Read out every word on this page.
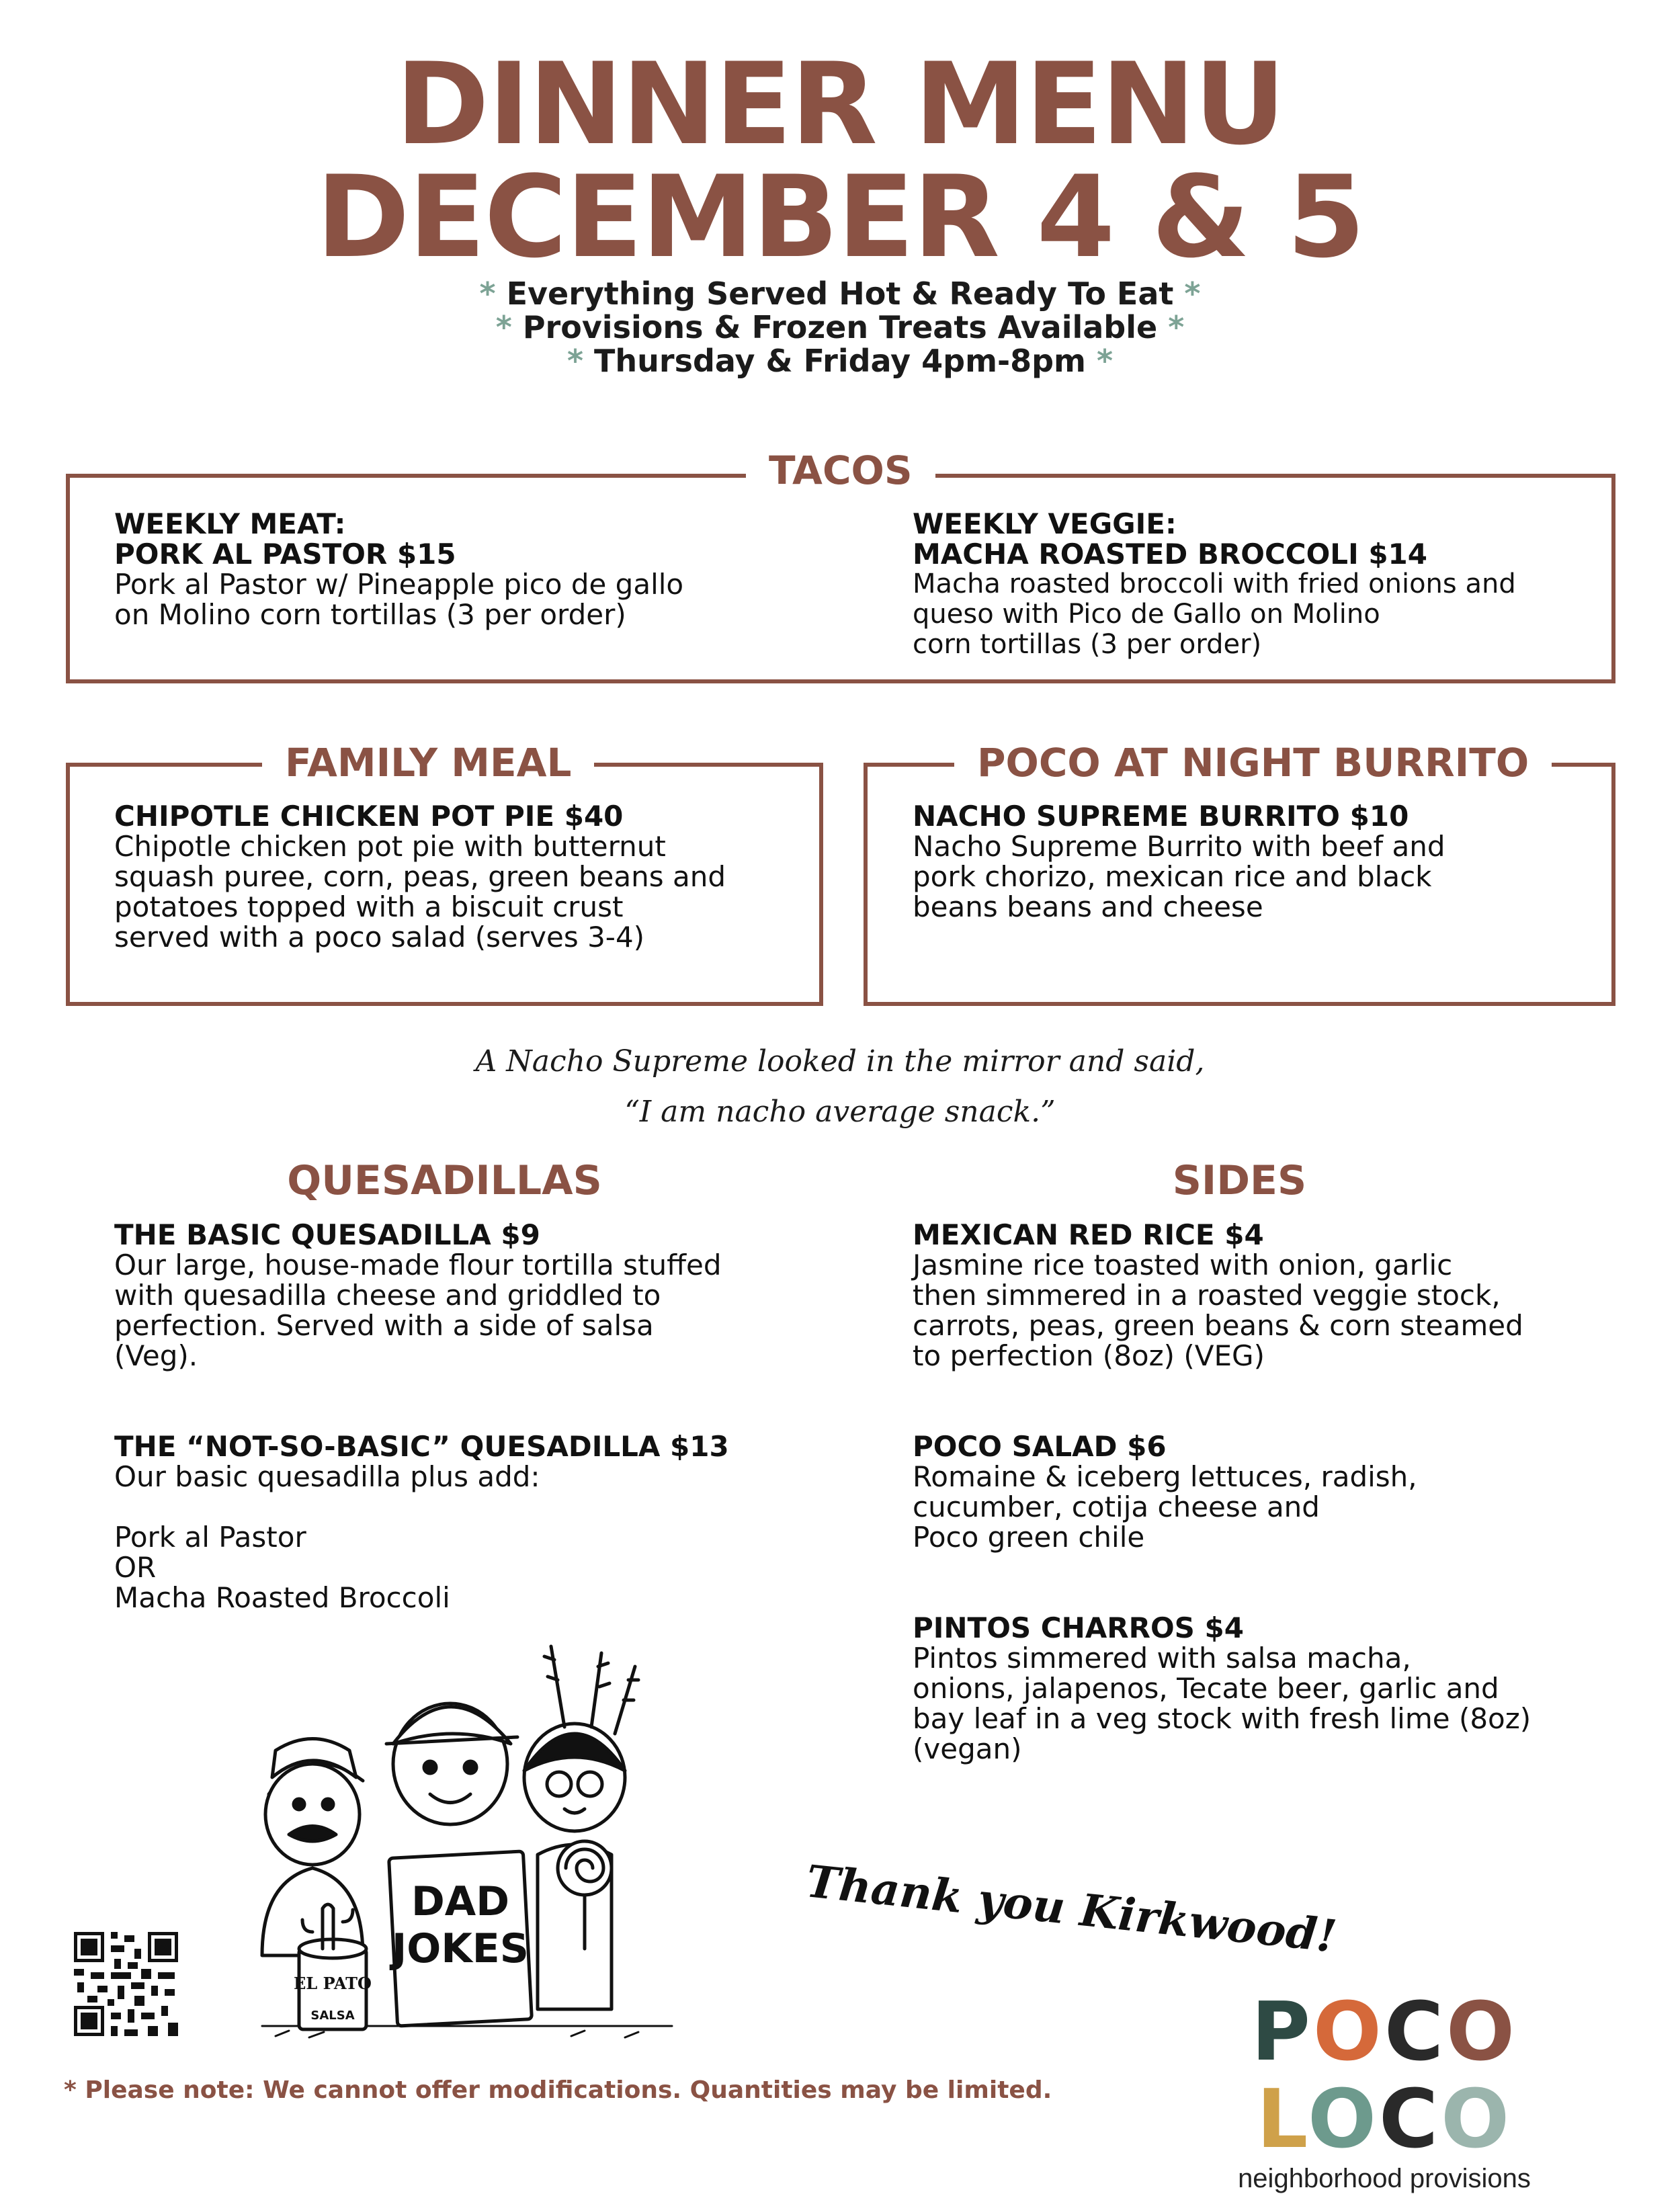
DINNER MENU
DECEMBER 4 & 5
* Everything Served Hot & Ready To Eat *
* Provisions & Frozen Treats Available *
* Thursday & Friday 4pm-8pm *
TACOS
WEEKLY MEAT:
PORK AL PASTOR $15
Pork al Pastor w/ Pineapple pico de gallo
on Molino corn tortillas (3 per order)
WEEKLY VEGGIE:
MACHA ROASTED BROCCOLI $14
Macha roasted broccoli with fried onions and
queso with Pico de Gallo on Molino
corn tortillas (3 per order)
FAMILY MEAL
CHIPOTLE CHICKEN POT PIE $40
Chipotle chicken pot pie with butternut
squash puree, corn, peas, green beans and
potatoes topped with a biscuit crust
served with a poco salad (serves 3-4)
POCO AT NIGHT BURRITO
NACHO SUPREME BURRITO $10
Nacho Supreme Burrito with beef and
pork chorizo, mexican rice and black
beans beans and cheese
A Nacho Supreme looked in the mirror and said,
“I am nacho average snack.”
QUESADILLAS
THE BASIC QUESADILLA $9
Our large, house-made flour tortilla stuffed
with quesadilla cheese and griddled to
perfection. Served with a side of salsa
(Veg).
THE “NOT-SO-BASIC” QUESADILLA $13
Our basic quesadilla plus add:
Pork al Pastor
OR
Macha Roasted Broccoli
SIDES
MEXICAN RED RICE $4
Jasmine rice toasted with onion, garlic
then simmered in a roasted veggie stock,
carrots, peas, green beans & corn steamed
to perfection (8oz) (VEG)
POCO SALAD $6
Romaine & iceberg lettuces, radish,
cucumber, cotija cheese and
Poco green chile
PINTOS CHARROS $4
Pintos simmered with salsa macha,
onions, jalapenos, Tecate beer, garlic and
bay leaf in a veg stock with fresh lime (8oz)
(vegan)
DAD
JOKES
EL PATO
SALSA
Thank you Kirkwood!
POCO LOCO
neighborhood provisions
* Please note: We cannot offer modifications. Quantities may be limited.
